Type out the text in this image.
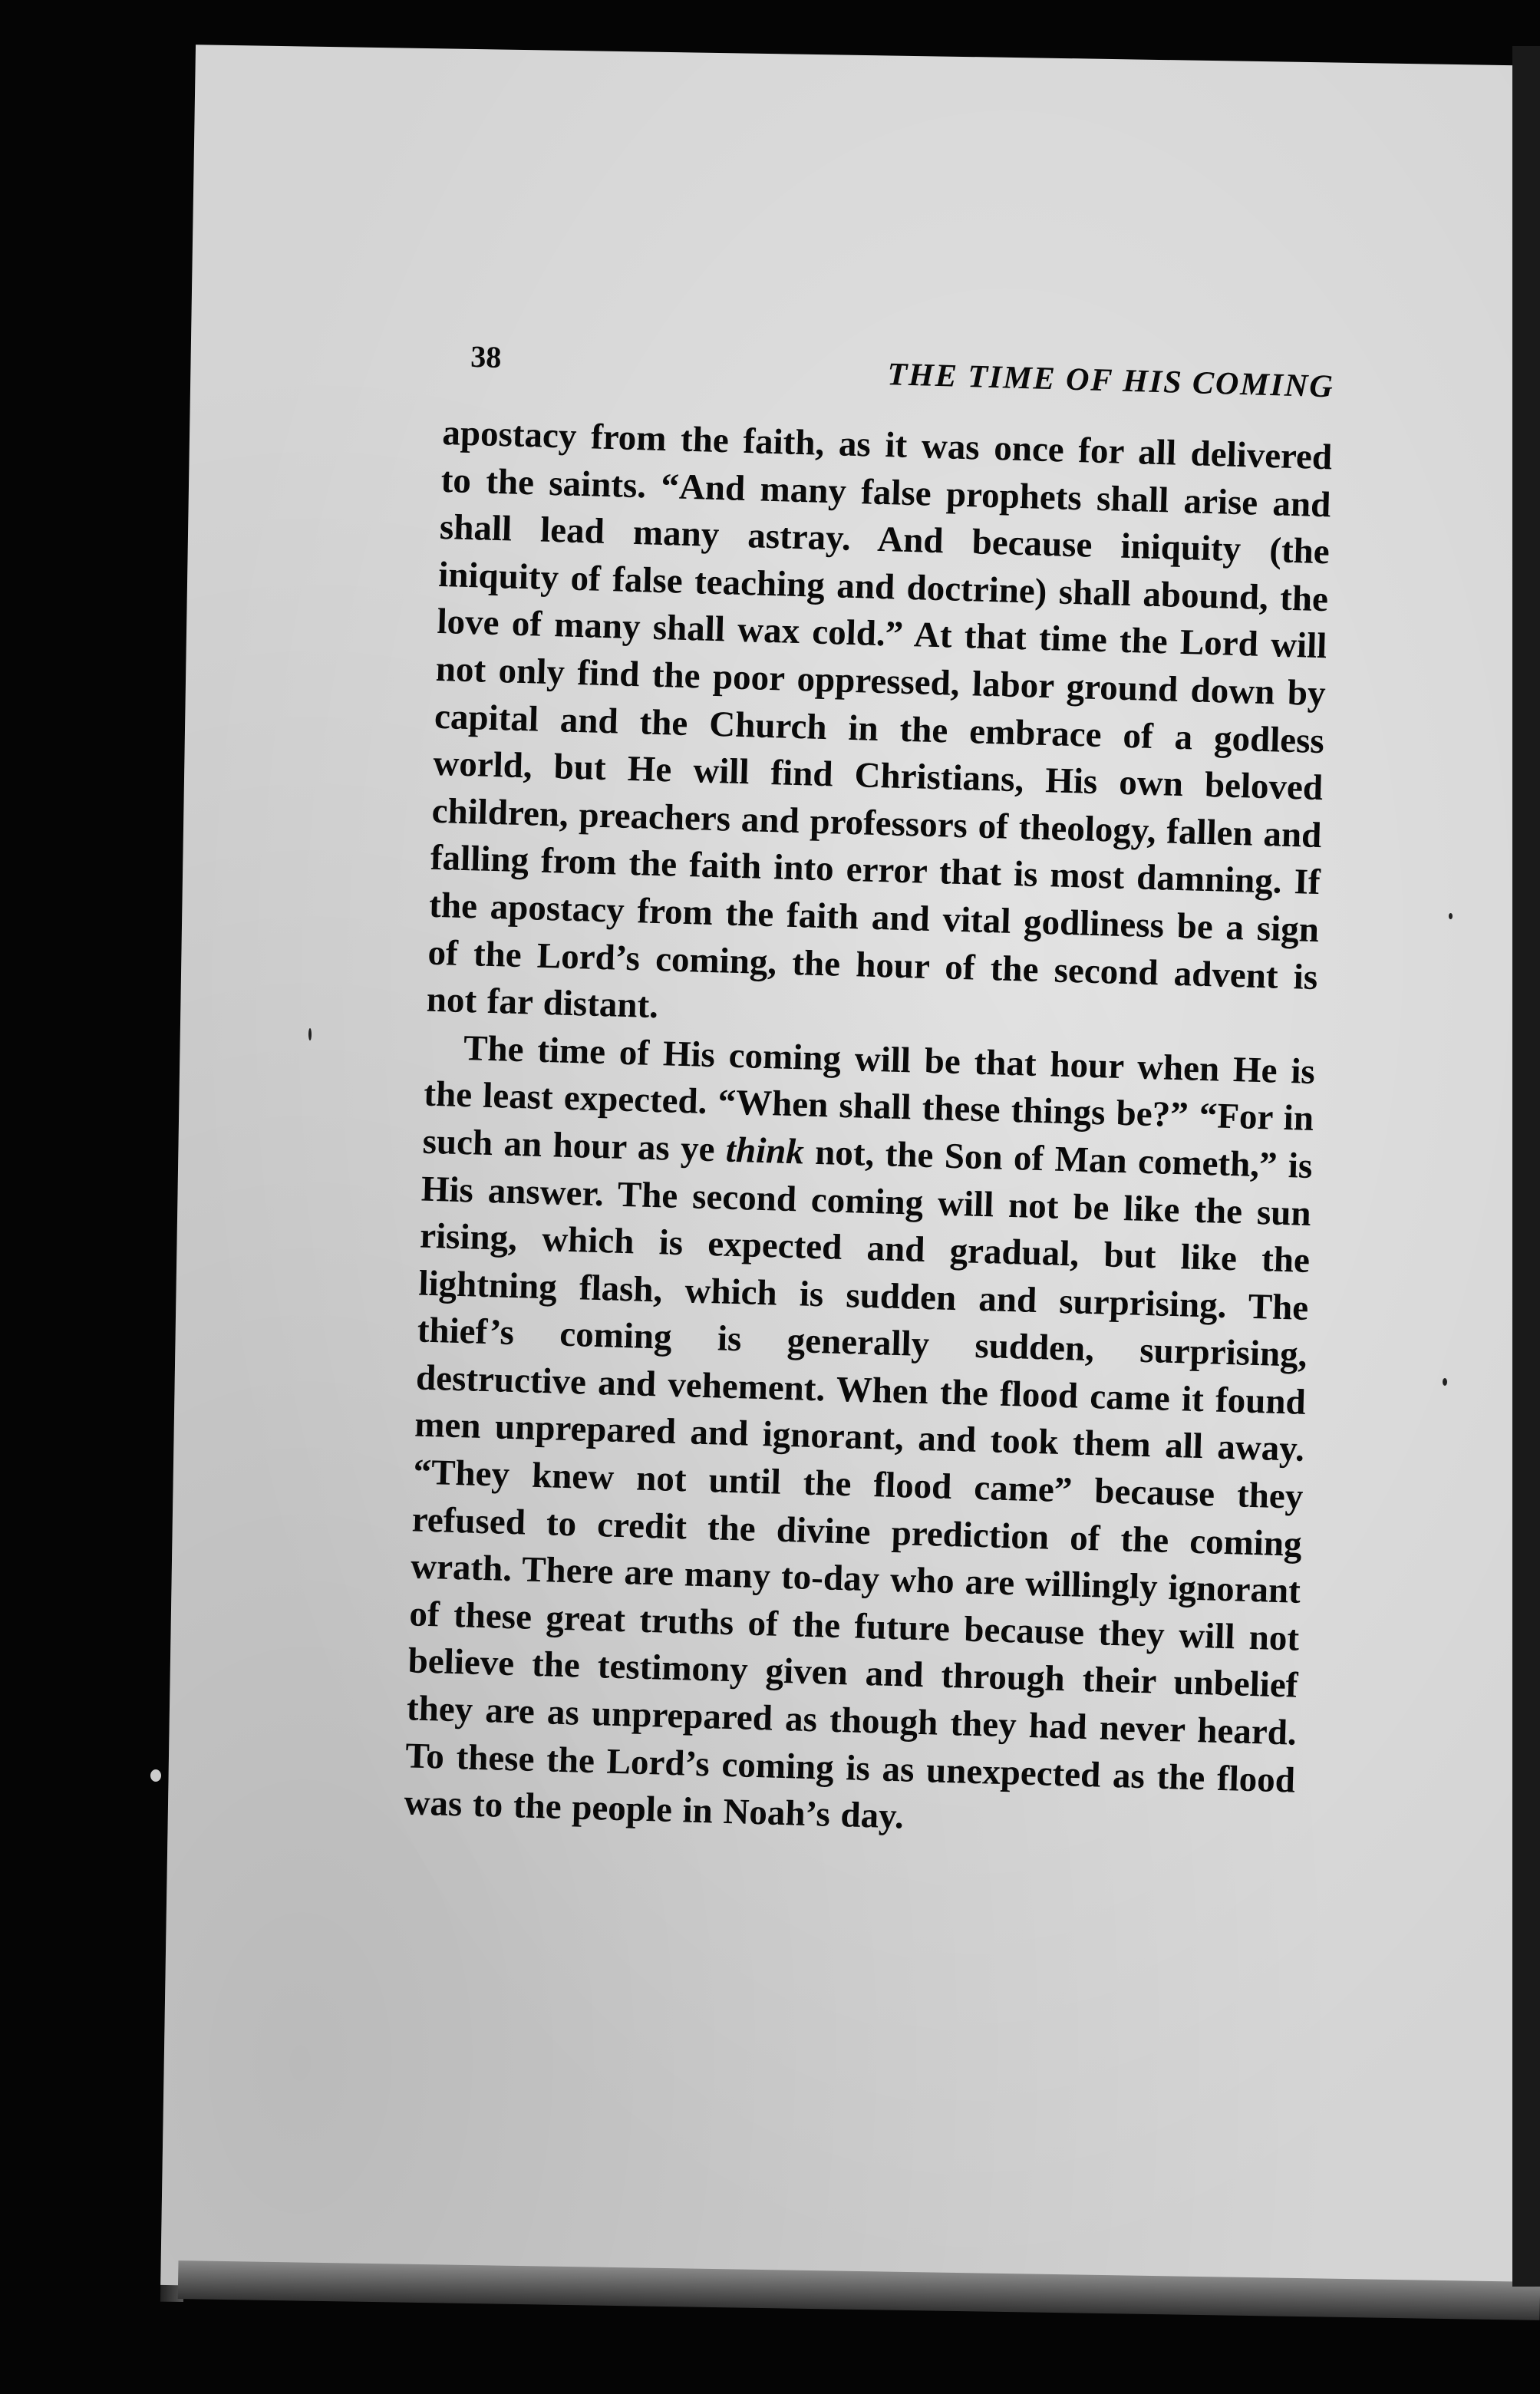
38
THE TIME OF HIS COMING

apostacy from the faith, as it was once for all delivered to the saints. “And many false prophets shall arise and shall lead many astray. And because iniquity (the iniquity of false teaching and doctrine) shall abound, the love of many shall wax cold.” At that time the Lord will not only find the poor oppressed, labor ground down by capital and the Church in the embrace of a godless world, but He will find Christians, His own beloved children, preachers and professors of theology, fallen and falling from the faith into error that is most damning. If the apostacy from the faith and vital godliness be a sign of the Lord’s coming, the hour of the second advent is not far distant.

The time of His coming will be that hour when He is the least expected. “When shall these things be?” “For in such an hour as ye think not, the Son of Man cometh,” is His answer. The second coming will not be like the sun rising, which is expected and gradual, but like the lightning flash, which is sudden and surprising. The thief’s coming is generally sudden, surprising, destructive and vehement. When the flood came it found men unprepared and ignorant, and took them all away. “They knew not until the flood came” because they refused to credit the divine prediction of the coming wrath. There are many to-day who are willingly ignorant of these great truths of the future because they will not believe the testimony given and through their unbelief they are as unprepared as though they had never heard. To these the Lord’s coming is as unexpected as the flood was to the people in Noah’s day.
